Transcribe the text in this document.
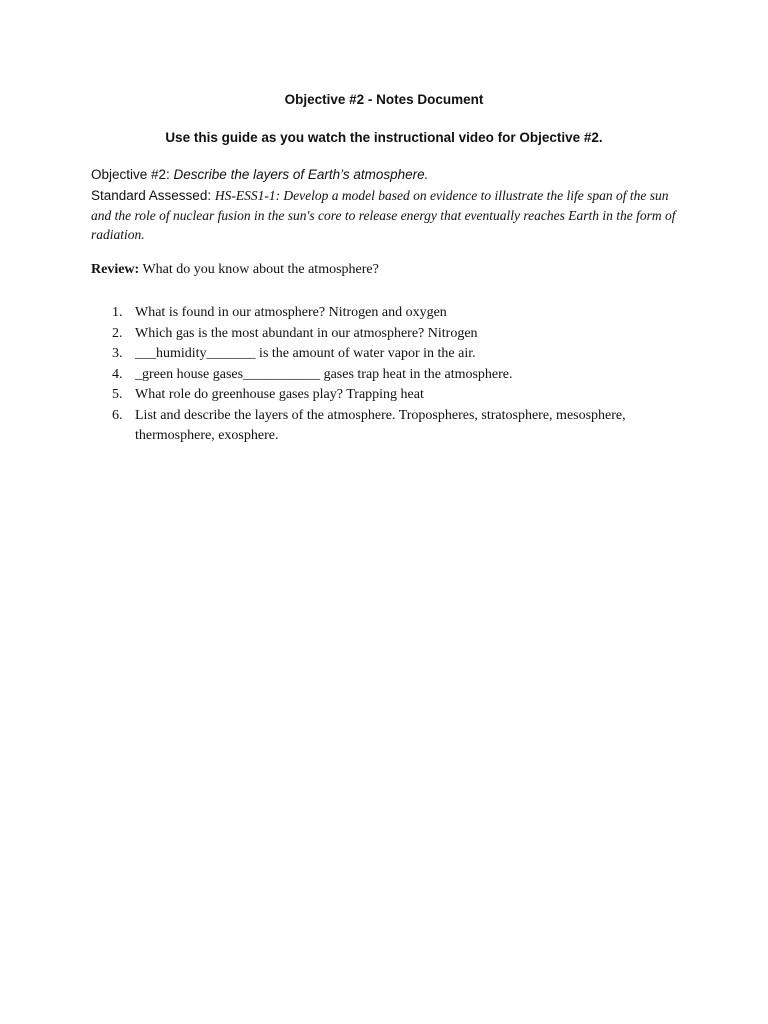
Objective #2 - Notes Document
Use this guide as you watch the instructional video for Objective #2.
Objective #2: Describe the layers of Earth’s atmosphere.
Standard Assessed: HS-ESS1-1: Develop a model based on evidence to illustrate the life span of the sun and the role of nuclear fusion in the sun's core to release energy that eventually reaches Earth in the form of radiation.
Review: What do you know about the atmosphere?
1. What is found in our atmosphere? Nitrogen and oxygen
2. Which gas is the most abundant in our atmosphere? Nitrogen
3. ___humidity_______ is the amount of water vapor in the air.
4. _green house gases___________ gases trap heat in the atmosphere.
5. What role do greenhouse gases play? Trapping heat
6. List and describe the layers of the atmosphere. Tropospheres, stratosphere, mesosphere, thermosphere, exosphere.
